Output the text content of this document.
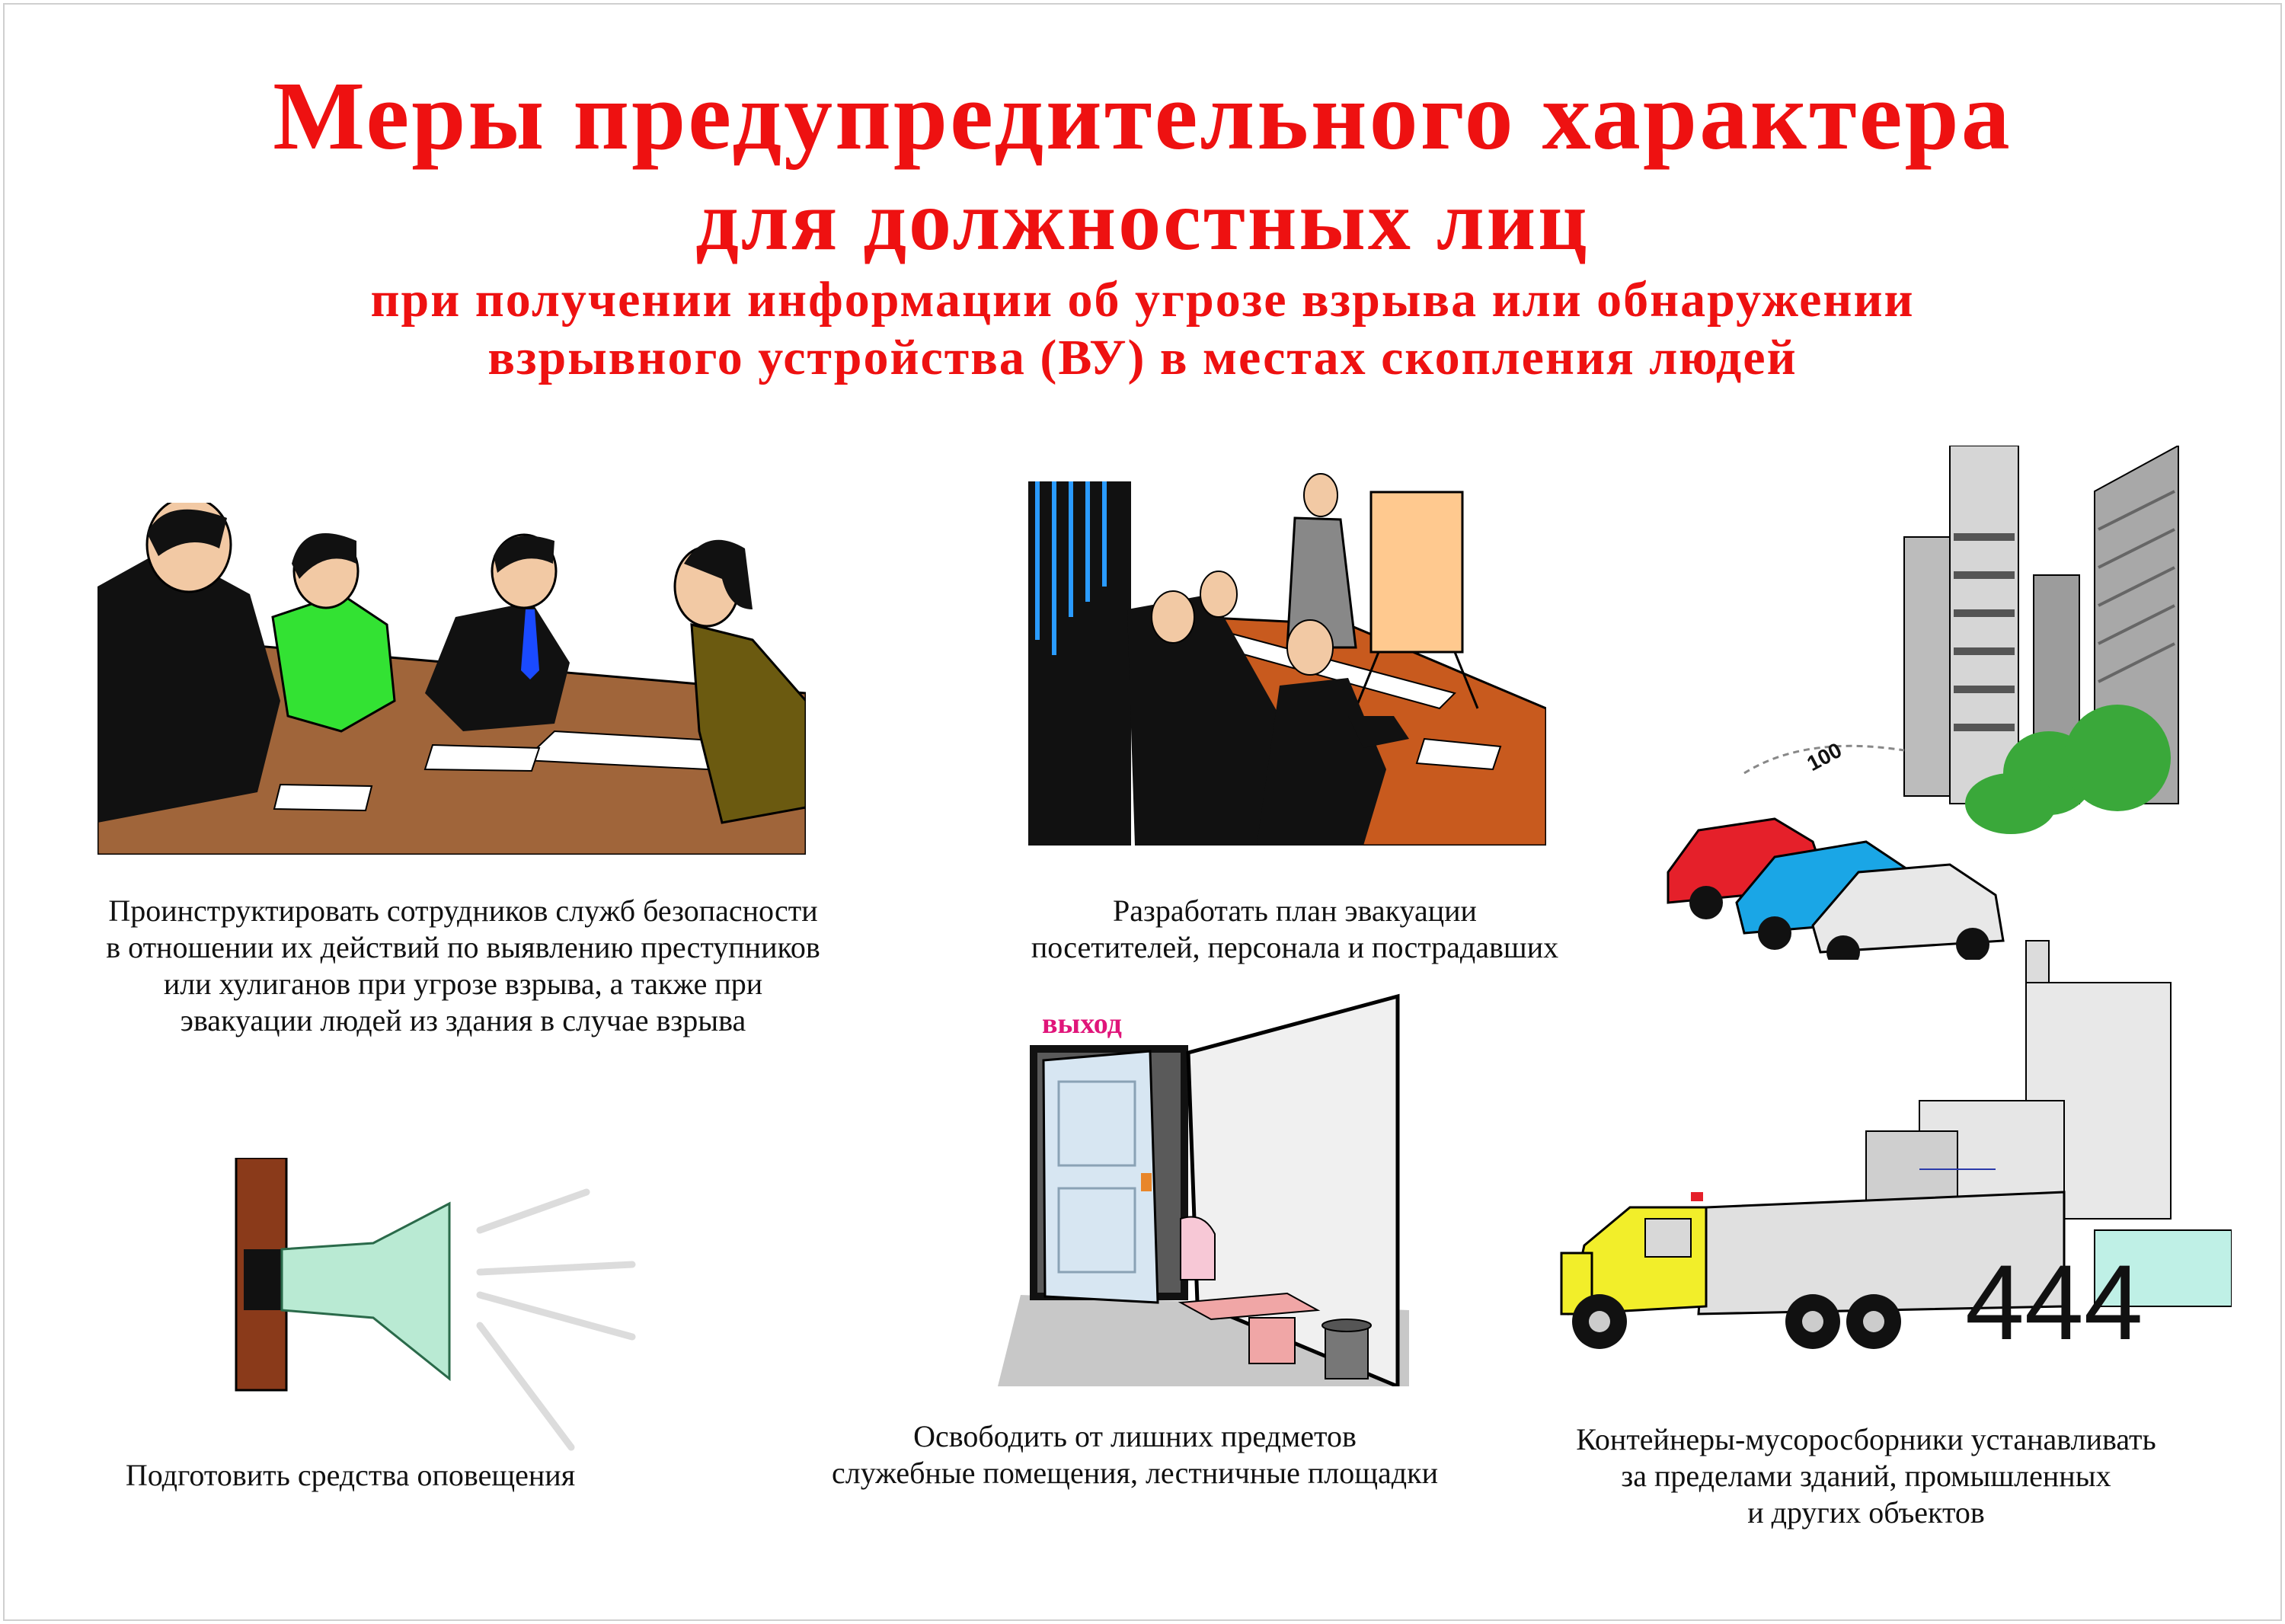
Меры предупредительного характера
для должностных лиц
при получении информации об угрозе взрыва или обнаружении
взрывного устройства (ВУ) в местах скопления людей

Проинструктировать сотрудников служб безопасности
в отношении их действий по выявлению преступников
или хулиганов при угрозе взрыва, а также при
эвакуации людей из здания в случае взрыва

Разработать план эвакуации
посетителей, персонала и пострадавших

100

Подготовить средства оповещения

выход

Освободить от лишних предметов
служебные помещения, лестничные площадки

444

Контейнеры-мусоросборники устанавливать
за пределами зданий, промышленных
и других объектов
